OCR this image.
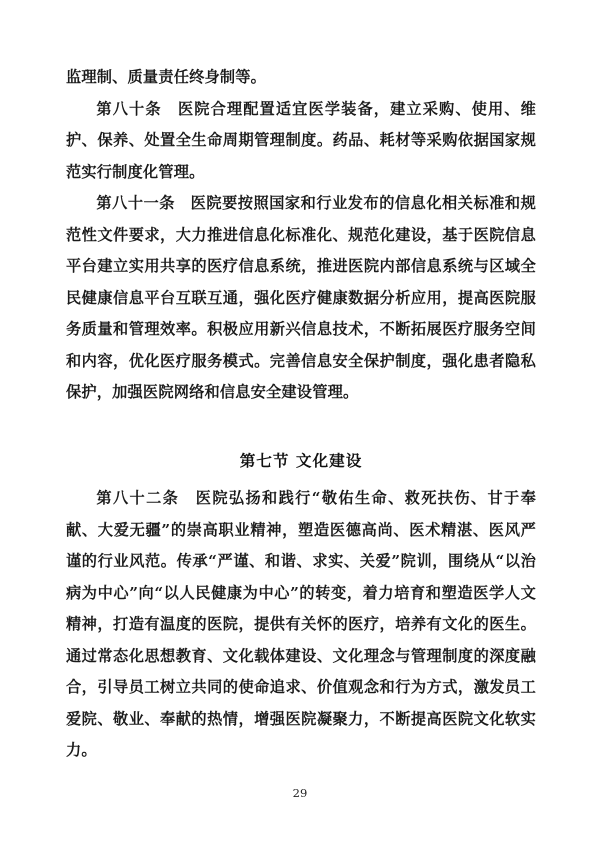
监理制、质量责任终身制等。

第八十条　医院合理配置适宜医学装备，建立采购、使用、维护、保养、处置全生命周期管理制度。药品、耗材等采购依据国家规范实行制度化管理。

第八十一条　医院要按照国家和行业发布的信息化相关标准和规范性文件要求，大力推进信息化标准化、规范化建设，基于医院信息平台建立实用共享的医疗信息系统，推进医院内部信息系统与区域全民健康信息平台互联互通，强化医疗健康数据分析应用，提高医院服务质量和管理效率。积极应用新兴信息技术，不断拓展医疗服务空间和内容，优化医疗服务模式。完善信息安全保护制度，强化患者隐私保护，加强医院网络和信息安全建设管理。

第七节 文化建设

第八十二条　医院弘扬和践行“敬佑生命、救死扶伤、甘于奉献、大爱无疆”的崇高职业精神，塑造医德高尚、医术精湛、医风严谨的行业风范。传承“严谨、和谐、求实、关爱”院训，围绕从“以治病为中心”向“以人民健康为中心”的转变，着力培育和塑造医学人文精神，打造有温度的医院，提供有关怀的医疗，培养有文化的医生。通过常态化思想教育、文化载体建设、文化理念与管理制度的深度融合，引导员工树立共同的使命追求、价值观念和行为方式，激发员工爱院、敬业、奉献的热情，增强医院凝聚力，不断提高医院文化软实力。

29
